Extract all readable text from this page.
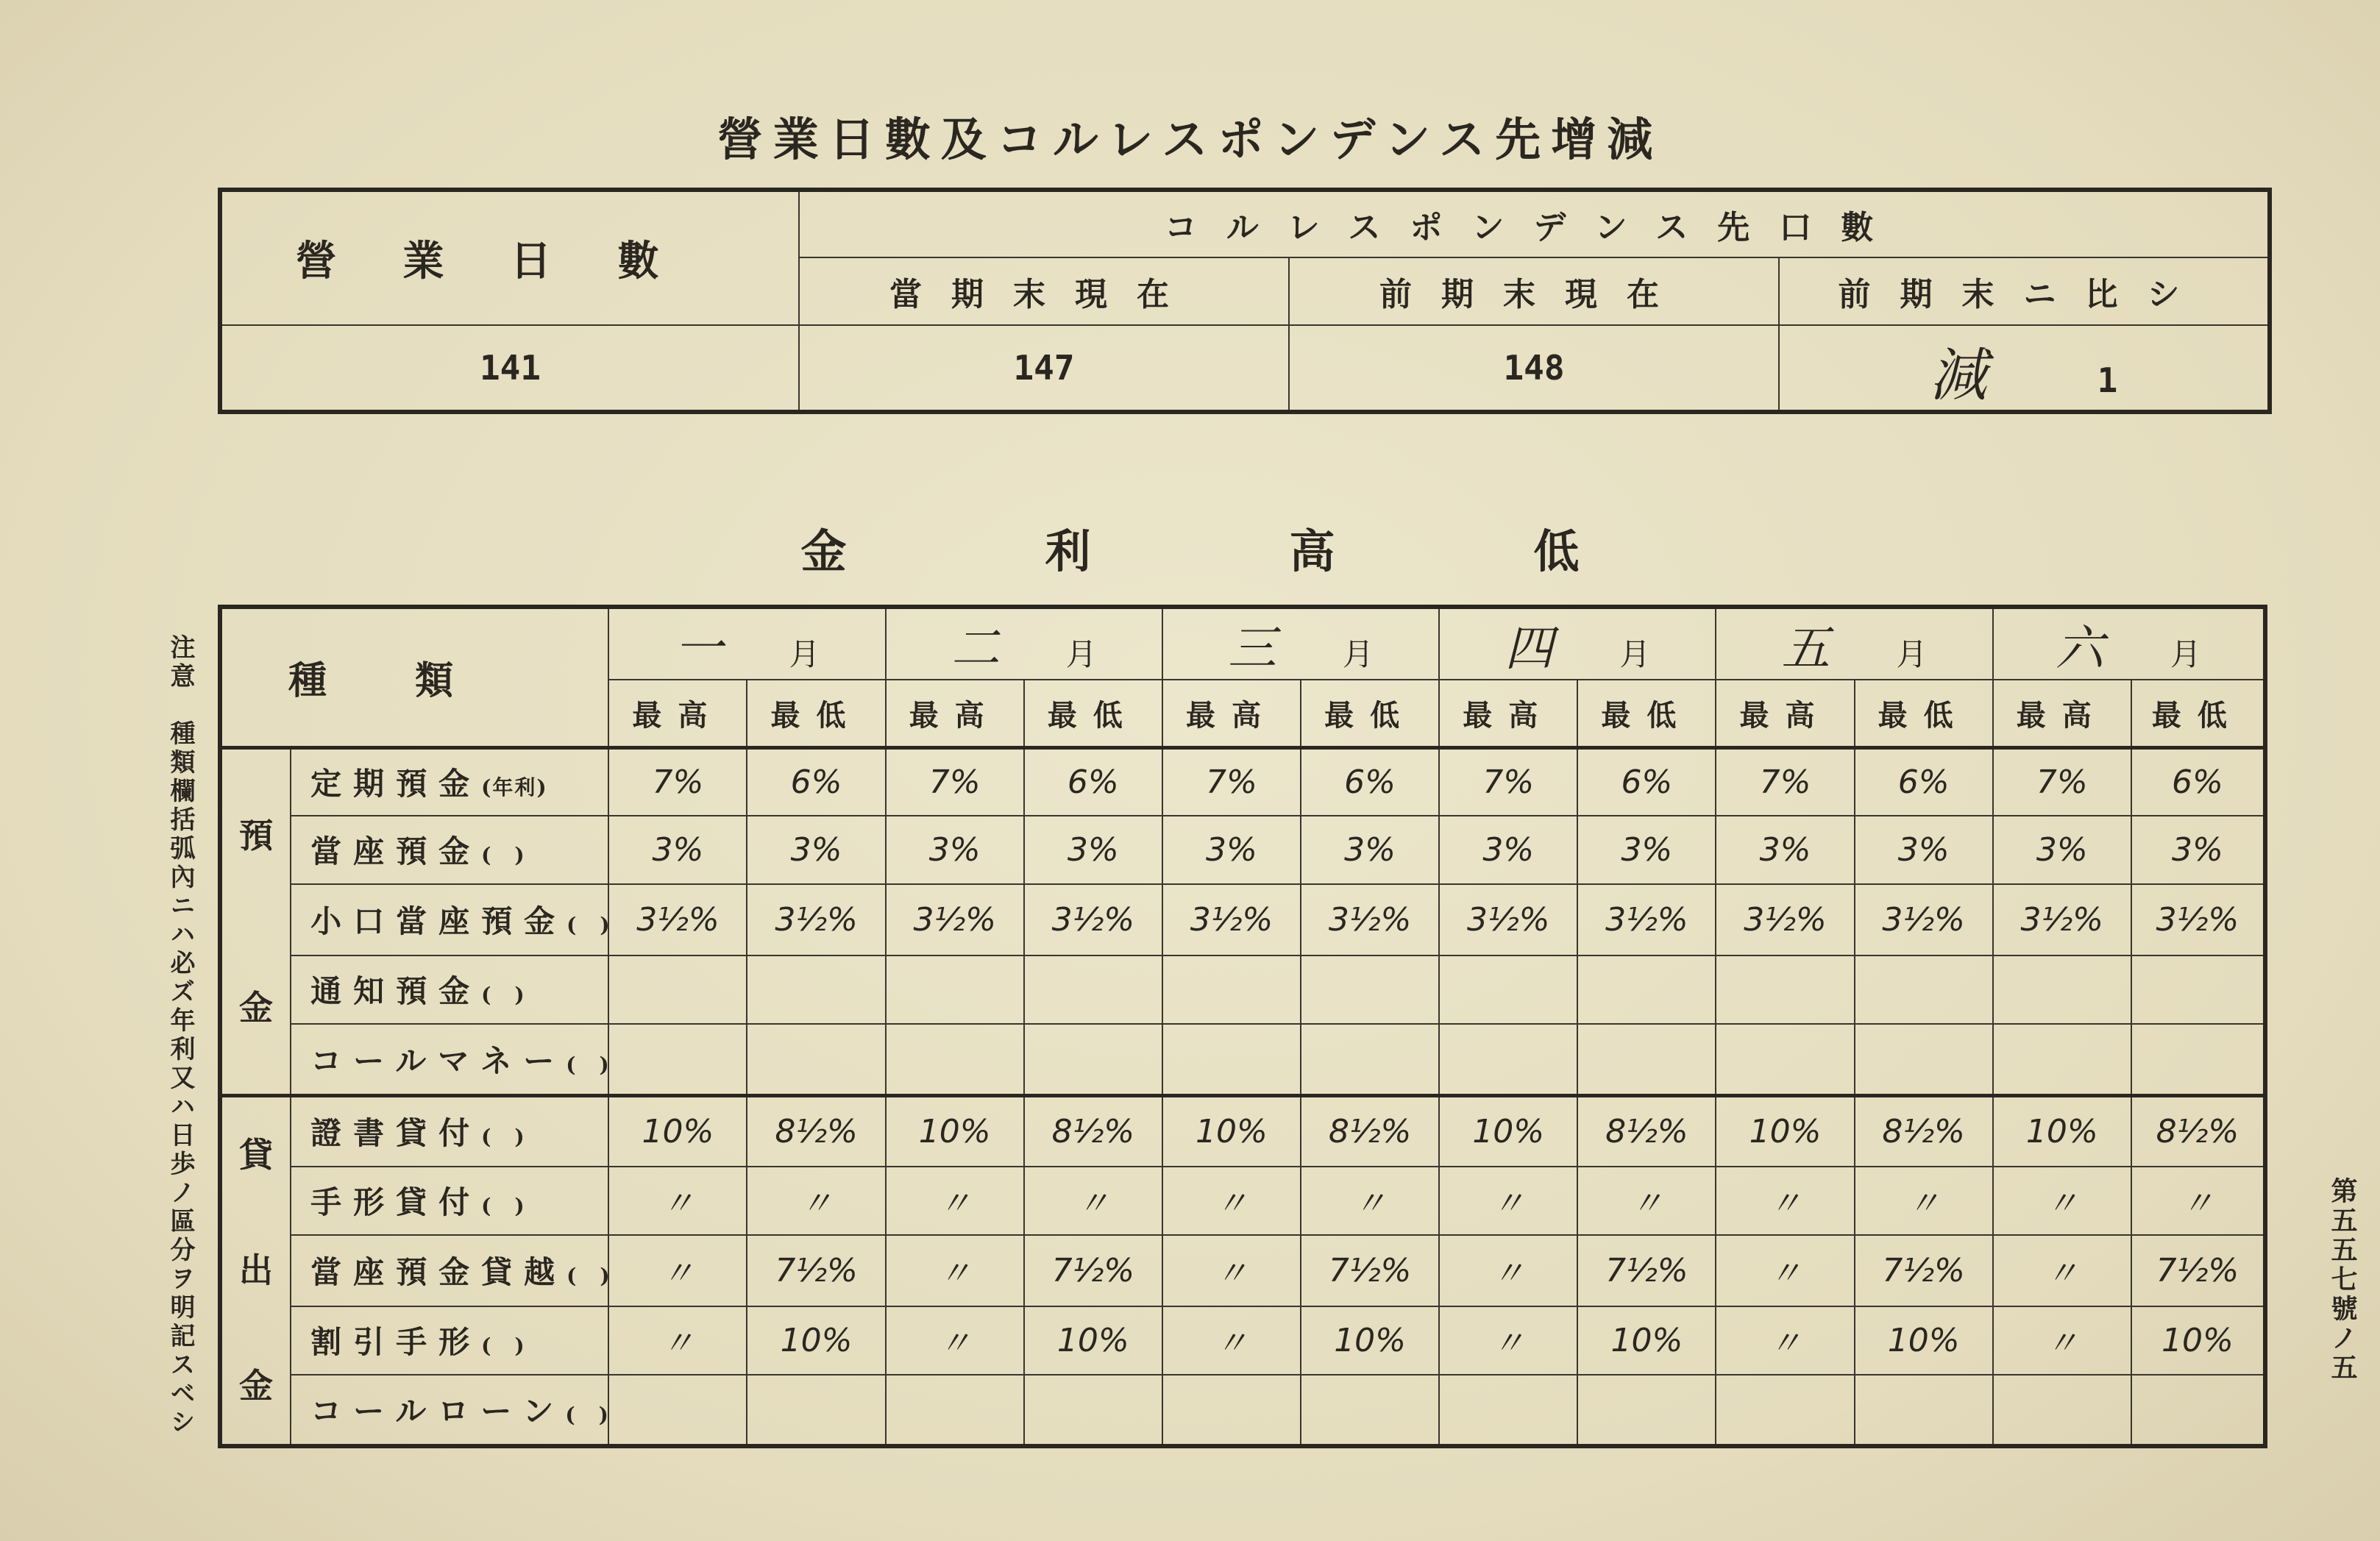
營業日數及コルレスポンデンス先增減
營業日數	コルレスポンデンス先口數		
	當期末現在	前期末現在	前期末ニ比シ
141	147	148	減 1
金利高低
種類		一 月		二 月		三 月		四 月		五 月		六 月	
		最高	最低	最高	最低	最高	最低	最高	最低	最高	最低	最高	最低

預
金	定期預金(年利)	7%	6%	7%	6%	7%	6%	7%	6%	7%	6%	7%	6%
	當座預金(　)	3%	3%	3%	3%	3%	3%	3%	3%	3%	3%	3%	3%
	小口當座預金(　)	3½%	3½%	3½%	3½%	3½%	3½%	3½%	3½%	3½%	3½%	3½%	3½%
	通知預金(　)												
	コールマネー(　)												

貸
出
金	證書貸付(　)	10%	8½%	10%	8½%	10%	8½%	10%	8½%	10%	8½%	10%	8½%
	手形貸付(　)	〃	〃	〃	〃	〃	〃	〃	〃	〃	〃	〃	〃
	當座預金貸越(　)	〃	7½%	〃	7½%	〃	7½%	〃	7½%	〃	7½%	〃	7½%
	割引手形(　)	〃	10%	〃	10%	〃	10%	〃	10%	〃	10%	〃	10%
	コールローン(　)												
注意　種類欄括弧內ニハ必ズ年利又ハ日歩ノ區分ヲ明記スベシ	第五五七號ノ五
